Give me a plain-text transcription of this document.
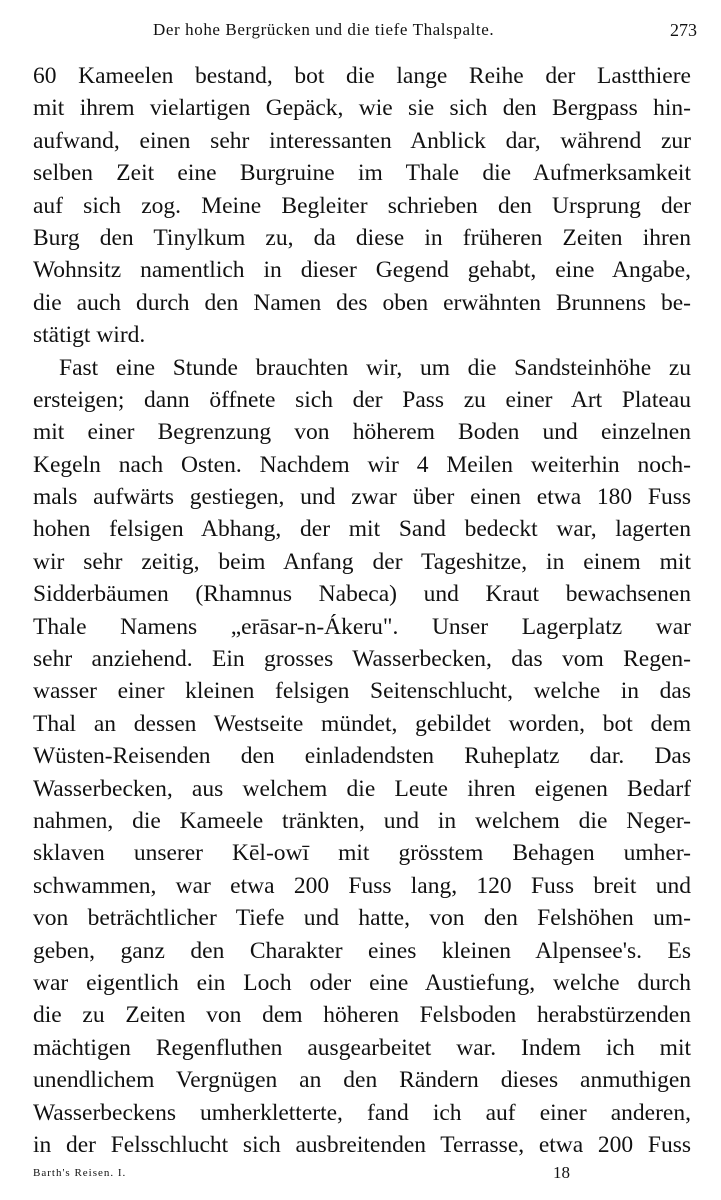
Der hohe Bergrücken und die tiefe Thalspalte.	273
60 Kameelen bestand, bot die lange Reihe der Lastthiere
mit ihrem vielartigen Gepäck, wie sie sich den Bergpass hin-
aufwand, einen sehr interessanten Anblick dar, während zur
selben Zeit eine Burgruine im Thale die Aufmerksamkeit
auf sich zog. Meine Begleiter schrieben den Ursprung der
Burg den Tinylkum zu, da diese in früheren Zeiten ihren
Wohnsitz namentlich in dieser Gegend gehabt, eine Angabe,
die auch durch den Namen des oben erwähnten Brunnens be-
stätigt wird.
Fast eine Stunde brauchten wir, um die Sandsteinhöhe zu
ersteigen; dann öffnete sich der Pass zu einer Art Plateau
mit einer Begrenzung von höherem Boden und einzelnen
Kegeln nach Osten. Nachdem wir 4 Meilen weiterhin noch-
mals aufwärts gestiegen, und zwar über einen etwa 180 Fuss
hohen felsigen Abhang, der mit Sand bedeckt war, lagerten
wir sehr zeitig, beim Anfang der Tageshitze, in einem mit
Sidderbäumen (Rhamnus Nabeca) und Kraut bewachsenen
Thale Namens „erāsar-n-Ákeru". Unser Lagerplatz war
sehr anziehend. Ein grosses Wasserbecken, das vom Regen-
wasser einer kleinen felsigen Seitenschlucht, welche in das
Thal an dessen Westseite mündet, gebildet worden, bot dem
Wüsten-Reisenden den einladendsten Ruheplatz dar. Das
Wasserbecken, aus welchem die Leute ihren eigenen Bedarf
nahmen, die Kameele tränkten, und in welchem die Neger-
sklaven unserer Kēl-owī mit grösstem Behagen umher-
schwammen, war etwa 200 Fuss lang, 120 Fuss breit und
von beträchtlicher Tiefe und hatte, von den Felshöhen um-
geben, ganz den Charakter eines kleinen Alpensee's. Es
war eigentlich ein Loch oder eine Austiefung, welche durch
die zu Zeiten von dem höheren Felsboden herabstürzenden
mächtigen Regenfluthen ausgearbeitet war. Indem ich mit
unendlichem Vergnügen an den Rändern dieses anmuthigen
Wasserbeckens umherkletterte, fand ich auf einer anderen,
in der Felsschlucht sich ausbreitenden Terrasse, etwa 200 Fuss
Barth's Reisen. I.	18
